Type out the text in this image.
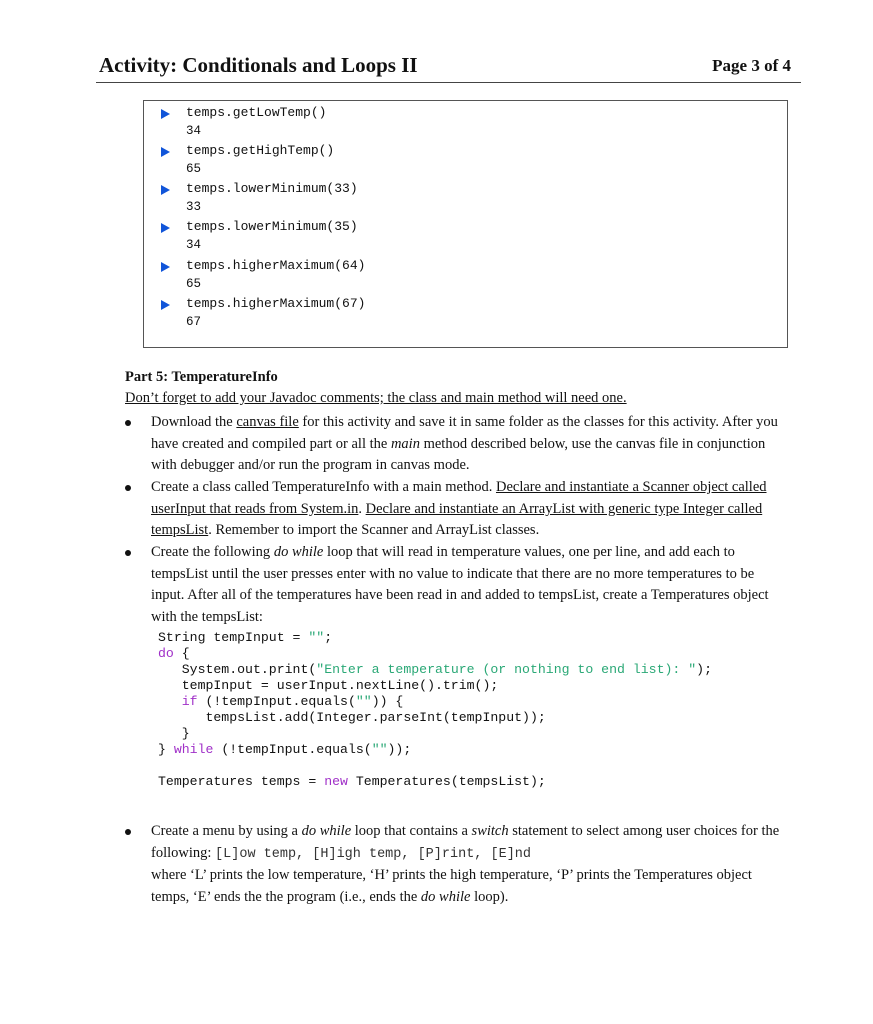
Activity: Conditionals and Loops II	Page 3 of 4
temps.getLowTemp()
34
temps.getHighTemp()
65
temps.lowerMinimum(33)
33
temps.lowerMinimum(35)
34
temps.higherMaximum(64)
65
temps.higherMaximum(67)
67
Part 5: TemperatureInfo
Don’t forget to add your Javadoc comments; the class and main method will need one.
Download the canvas file for this activity and save it in same folder as the classes for this activity. After you have created and compiled part or all the main method described below, use the canvas file in conjunction with debugger and/or run the program in canvas mode.
Create a class called TemperatureInfo with a main method. Declare and instantiate a Scanner object called userInput that reads from System.in. Declare and instantiate an ArrayList with generic type Integer called tempsList. Remember to import the Scanner and ArrayList classes.
Create the following do while loop that will read in temperature values, one per line, and add each to tempsList until the user presses enter with no value to indicate that there are no more temperatures to be input. After all of the temperatures have been read in and added to tempsList, create a Temperatures object with the tempsList:
String tempInput = "";
do {
System.out.print("Enter a temperature (or nothing to end list): ");
tempInput = userInput.nextLine().trim();
if (!tempInput.equals("")) {
tempsList.add(Integer.parseInt(tempInput));
}
} while (!tempInput.equals(""));
Temperatures temps = new Temperatures(tempsList);
Create a menu by using a do while loop that contains a switch statement to select among user choices for the following: [L]ow temp, [H]igh temp, [P]rint, [E]nd
where ‘L’ prints the low temperature, ‘H’ prints the high temperature, ‘P’ prints the Temperatures object temps, ‘E’ ends the the program (i.e., ends the do while loop).
